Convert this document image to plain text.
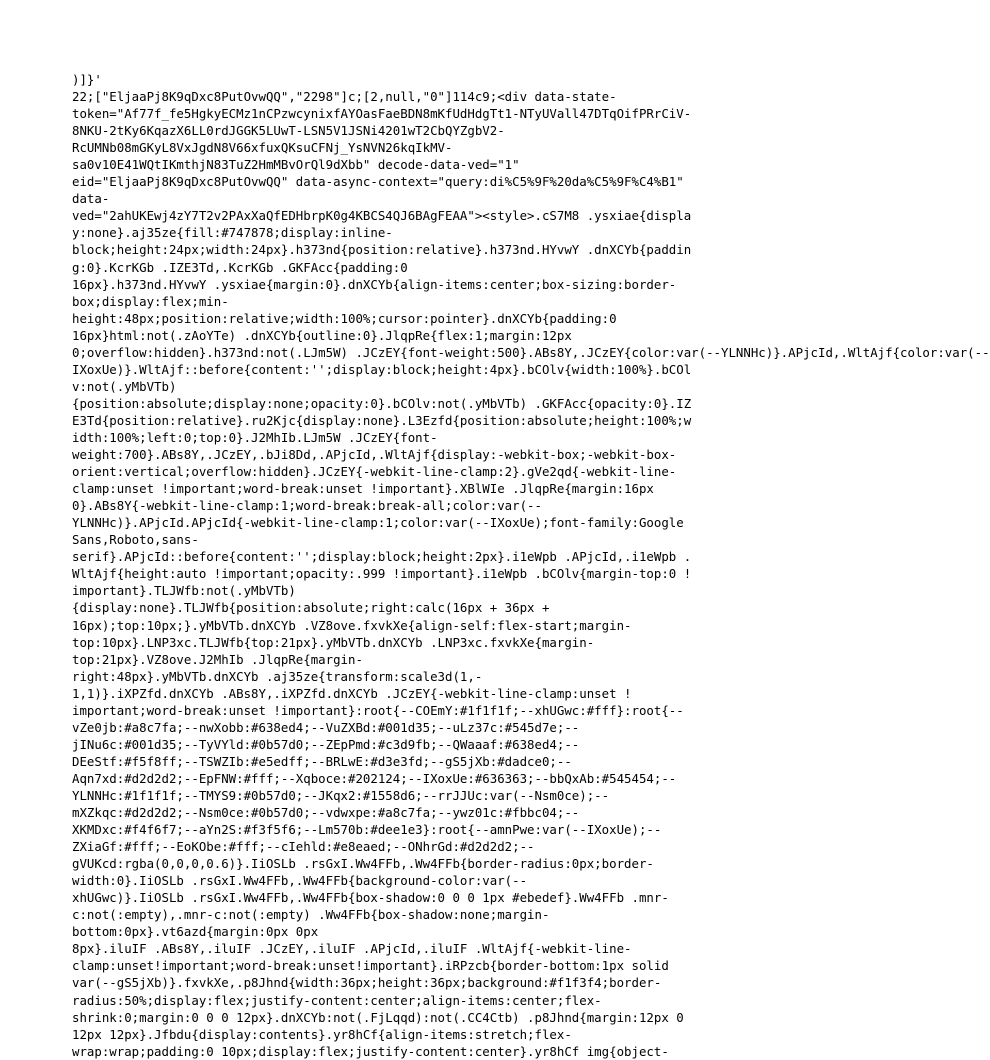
)]}'
22;["EljaaPj8K9qDxc8PutOvwQQ","2298"]c;[2,null,"0"]114c9;<div data-state-
token="Af77f_fe5HgkyECMz1nCPzwcynixfAYOasFaeBDN8mKfUdHdgTt1-NTyUVall47DTqOifPRrCiV-
8NKU-2tKy6KqazX6LL0rdJGGK5LUwT-LSN5V1JSNi4201wT2CbQYZgbV2-
RcUMNb08mGKyL8VxJgdN8V66xfuxQKsuCFNj_YsNVN26kqIkMV-
sa0v10E41WQtIKmthjN83TuZ2HmMBvOrQl9dXbb" decode-data-ved="1"
eid="EljaaPj8K9qDxc8PutOvwQQ" data-async-context="query:di%C5%9F%20da%C5%9F%C4%B1"
data-
ved="2ahUKEwj4zY7T2v2PAxXaQfEDHbrpK0g4KBCS4QJ6BAgFEAA"><style>.cS7M8 .ysxiae{displa
y:none}.aj35ze{fill:#747878;display:inline-
block;height:24px;width:24px}.h373nd{position:relative}.h373nd.HYvwY .dnXCYb{paddin
g:0}.KcrKGb .IZE3Td,.KcrKGb .GKFAcc{padding:0
16px}.h373nd.HYvwY .ysxiae{margin:0}.dnXCYb{align-items:center;box-sizing:border-
box;display:flex;min-
height:48px;position:relative;width:100%;cursor:pointer}.dnXCYb{padding:0
16px}html:not(.zAoYTe) .dnXCYb{outline:0}.JlqpRe{flex:1;margin:12px
0;overflow:hidden}.h373nd:not(.LJm5W) .JCzEY{font-weight:500}.ABs8Y,.JCzEY{color:var(--YLNNHc)}.APjcId,.WltAjf{color:var(--
IXoxUe)}.WltAjf::before{content:'';display:block;height:4px}.bCOlv{width:100%}.bCOl
v:not(.yMbVTb)
{position:absolute;display:none;opacity:0}.bCOlv:not(.yMbVTb) .GKFAcc{opacity:0}.IZ
E3Td{position:relative}.ru2Kjc{display:none}.L3Ezfd{position:absolute;height:100%;w
idth:100%;left:0;top:0}.J2MhIb.LJm5W .JCzEY{font-
weight:700}.ABs8Y,.JCzEY,.bJi8Dd,.APjcId,.WltAjf{display:-webkit-box;-webkit-box-
orient:vertical;overflow:hidden}.JCzEY{-webkit-line-clamp:2}.gVe2qd{-webkit-line-
clamp:unset !important;word-break:unset !important}.XBlWIe .JlqpRe{margin:16px
0}.ABs8Y{-webkit-line-clamp:1;word-break:break-all;color:var(--
YLNNHc)}.APjcId.APjcId{-webkit-line-clamp:1;color:var(--IXoxUe);font-family:Google
Sans,Roboto,sans-
serif}.APjcId::before{content:'';display:block;height:2px}.i1eWpb .APjcId,.i1eWpb .
WltAjf{height:auto !important;opacity:.999 !important}.i1eWpb .bCOlv{margin-top:0 !
important}.TLJWfb:not(.yMbVTb)
{display:none}.TLJWfb{position:absolute;right:calc(16px + 36px +
16px);top:10px;}.yMbVTb.dnXCYb .VZ8ove.fxvkXe{align-self:flex-start;margin-
top:10px}.LNP3xc.TLJWfb{top:21px}.yMbVTb.dnXCYb .LNP3xc.fxvkXe{margin-
top:21px}.VZ8ove.J2MhIb .JlqpRe{margin-
right:48px}.yMbVTb.dnXCYb .aj35ze{transform:scale3d(1,-
1,1)}.iXPZfd.dnXCYb .ABs8Y,.iXPZfd.dnXCYb .JCzEY{-webkit-line-clamp:unset !
important;word-break:unset !important}:root{--COEmY:#1f1f1f;--xhUGwc:#fff}:root{--
vZe0jb:#a8c7fa;--nwXobb:#638ed4;--VuZXBd:#001d35;--uLz37c:#545d7e;--
jINu6c:#001d35;--TyVYld:#0b57d0;--ZEpPmd:#c3d9fb;--QWaaaf:#638ed4;--
DEeStf:#f5f8ff;--TSWZIb:#e5edff;--BRLwE:#d3e3fd;--gS5jXb:#dadce0;--
Aqn7xd:#d2d2d2;--EpFNW:#fff;--Xqboce:#202124;--IXoxUe:#636363;--bbQxAb:#545454;--
YLNNHc:#1f1f1f;--TMYS9:#0b57d0;--JKqx2:#1558d6;--rrJJUc:var(--Nsm0ce);--
mXZkqc:#d2d2d2;--Nsm0ce:#0b57d0;--vdwxpe:#a8c7fa;--ywz01c:#fbbc04;--
XKMDxc:#f4f6f7;--aYn2S:#f3f5f6;--Lm570b:#dee1e3}:root{--amnPwe:var(--IXoxUe);--
ZXiaGf:#fff;--EoKObe:#fff;--cIehld:#e8eaed;--ONhrGd:#d2d2d2;--
gVUKcd:rgba(0,0,0,0.6)}.IiOSLb .rsGxI.Ww4FFb,.Ww4FFb{border-radius:0px;border-
width:0}.IiOSLb .rsGxI.Ww4FFb,.Ww4FFb{background-color:var(--
xhUGwc)}.IiOSLb .rsGxI.Ww4FFb,.Ww4FFb{box-shadow:0 0 0 1px #ebedef}.Ww4FFb .mnr-
c:not(:empty),.mnr-c:not(:empty) .Ww4FFb{box-shadow:none;margin-
bottom:0px}.vt6azd{margin:0px 0px
8px}.iluIF .ABs8Y,.iluIF .JCzEY,.iluIF .APjcId,.iluIF .WltAjf{-webkit-line-
clamp:unset!important;word-break:unset!important}.iRPzcb{border-bottom:1px solid
var(--gS5jXb)}.fxvkXe,.p8Jhnd{width:36px;height:36px;background:#f1f3f4;border-
radius:50%;display:flex;justify-content:center;align-items:center;flex-
shrink:0;margin:0 0 0 12px}.dnXCYb:not(.FjLqqd):not(.CC4Ctb) .p8Jhnd{margin:12px 0
12px 12px}.Jfbdu{display:contents}.yr8hCf{align-items:stretch;flex-
wrap:wrap;padding:0 10px;display:flex;justify-content:center}.yr8hCf img{object-
